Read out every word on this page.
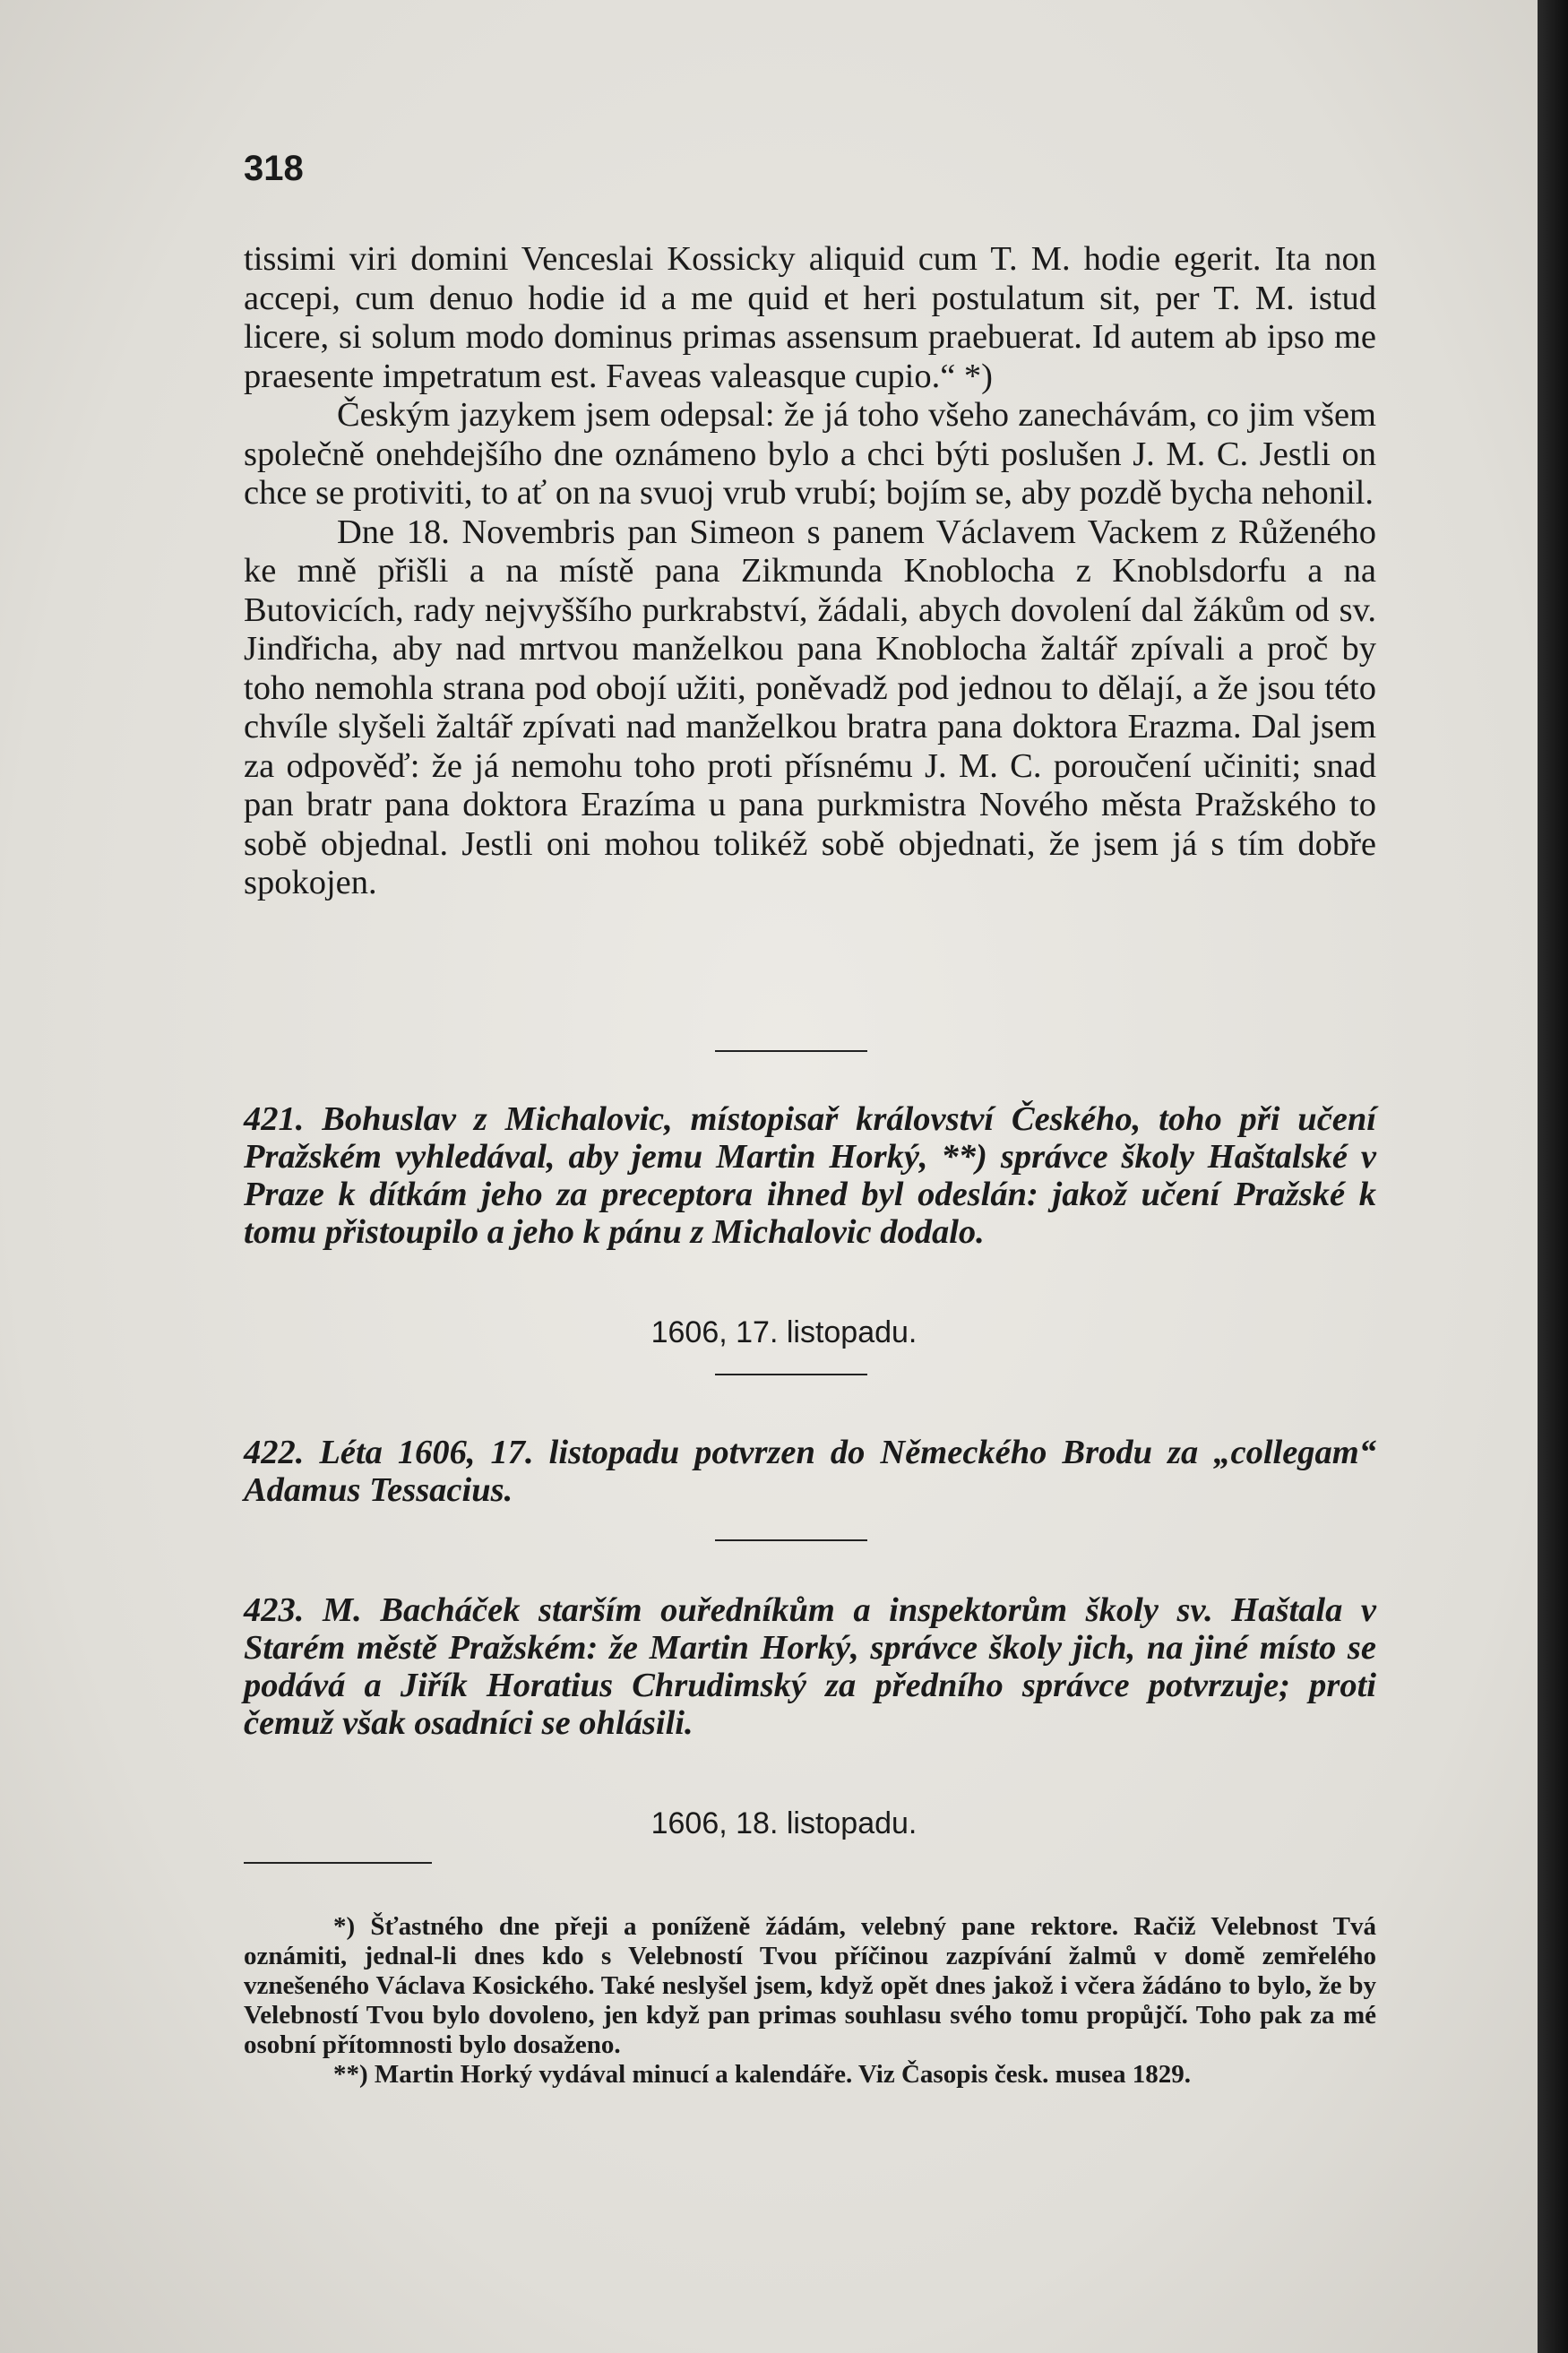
318

tissimi viri domini Venceslai Kossicky aliquid cum T. M. hodie egerit. Ita non accepi, cum denuo hodie id a me quid et heri postulatum sit, per T. M. istud licere, si solum modo dominus primas assensum praebuerat. Id autem ab ipso me praesente impetratum est. Faveas valeasque cupio.“ *)

Českým jazykem jsem odepsal: že já toho všeho zanechávám, co jim všem společně onehdejšího dne oznámeno bylo a chci býti poslušen J. M. C. Jestli on chce se protiviti, to ať on na svuoj vrub vrubí; bojím se, aby pozdě bycha nehonil.

Dne 18. Novembris pan Simeon s panem Václavem Vackem z Růženého ke mně přišli a na místě pana Zikmunda Knoblocha z Knoblsdorfu a na Butovicích, rady nejvyššího purkrabství, žádali, abych dovolení dal žákům od sv. Jindřicha, aby nad mrtvou manželkou pana Knoblocha žaltář zpívali a proč by toho nemohla strana pod obojí užiti, poněvadž pod jednou to dělají, a že jsou této chvíle slyšeli žaltář zpívati nad manželkou bratra pana doktora Erazma. Dal jsem za odpověď: že já nemohu toho proti přísnému J. M. C. poroučení učiniti; snad pan bratr pana doktora Erazíma u pana purkmistra Nového města Pražského to sobě objednal. Jestli oni mohou tolikéž sobě objednati, že jsem já s tím dobře spokojen.

421. Bohuslav z Michalovic, místopisař království Českého, toho při učení Pražském vyhledával, aby jemu Martin Horký, **) správce školy Haštalské v Praze k dítkám jeho za preceptora ihned byl odeslán: jakož učení Pražské k tomu přistoupilo a jeho k pánu z Michalovic dodalo.
1606, 17. listopadu.
422. Léta 1606, 17. listopadu potvrzen do Německého Brodu za „collegam“ Adamus Tessacius.
423. M. Bacháček starším ouředníkům a inspektorům školy sv. Haštala v Starém městě Pražském: že Martin Horký, správce školy jich, na jiné místo se podává a Jiřík Horatius Chrudimský za předního správce potvrzuje; proti čemuž však osadníci se ohlásili.
1606, 18. listopadu.

*) Šťastného dne přeji a poníženě žádám, velebný pane rektore. Račiž Velebnost Tvá oznámiti, jednal-li dnes kdo s Velebností Tvou příčinou zazpívání žalmů v domě zemřelého vznešeného Václava Kosického. Také neslyšel jsem, když opět dnes jakož i včera žádáno to bylo, že by Velebností Tvou bylo dovoleno, jen když pan primas souhlasu svého tomu propůjčí. Toho pak za mé osobní přítomnosti bylo dosaženo.

**) Martin Horký vydával minucí a kalendáře. Viz Časopis česk. musea 1829.
